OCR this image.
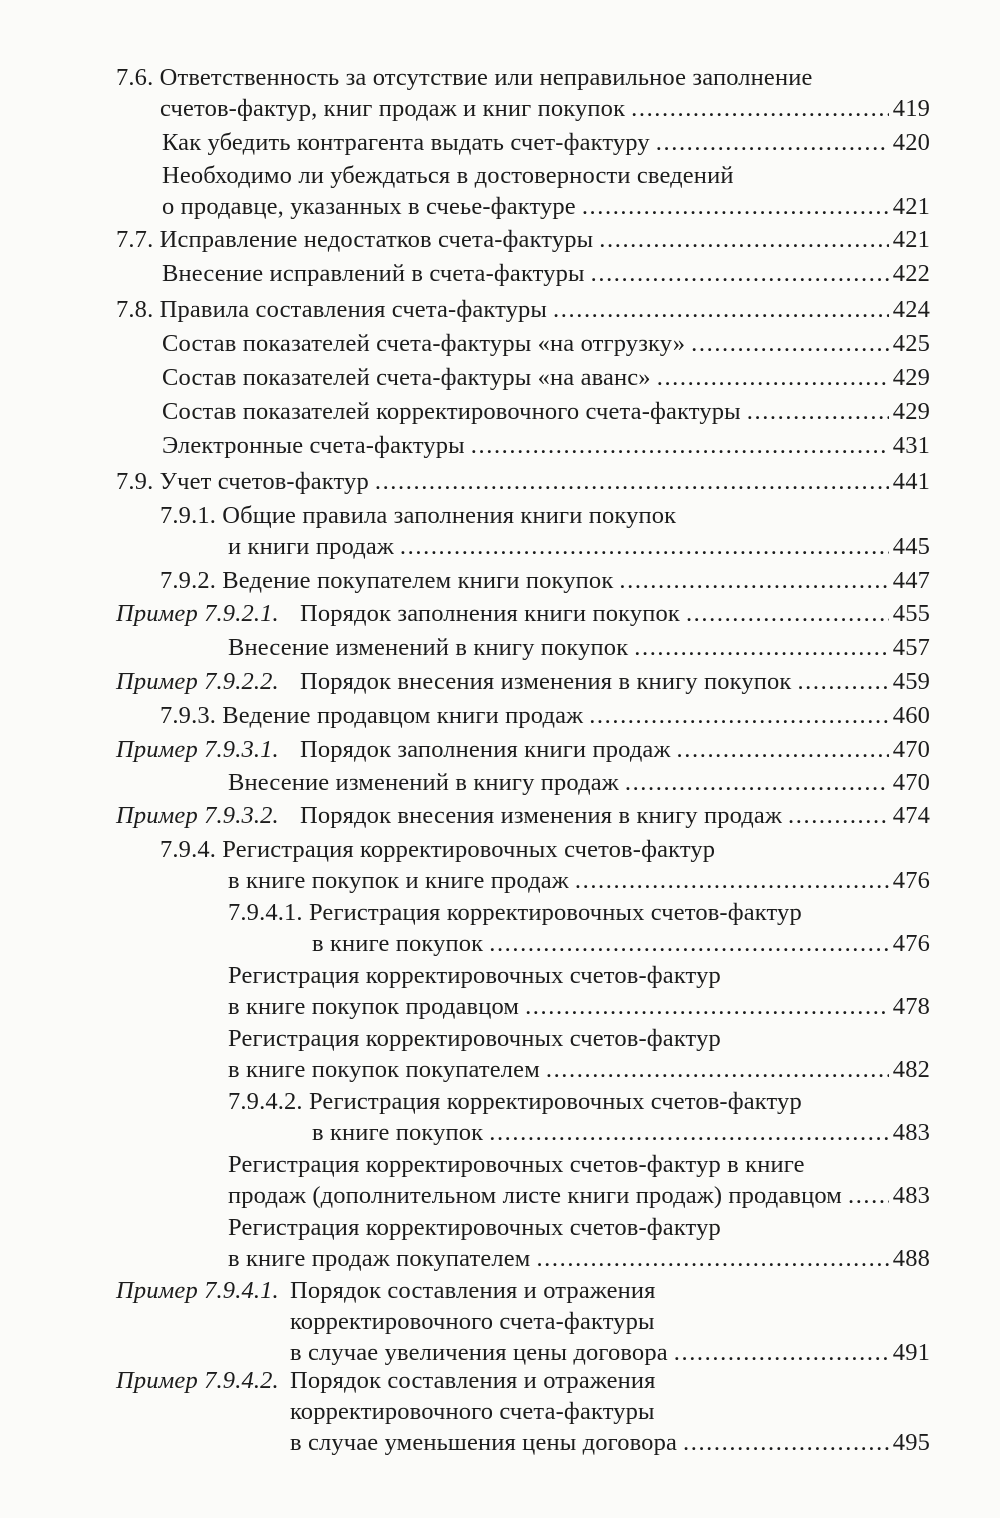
7.6. Ответственность за отсутствие или неправильное заполнение
счетов-фактур, книг продаж и книг покупок .....	419
Как убедить контрагента выдать счет-фактуру .....	420
Необходимо ли убеждаться в достоверности сведений
о продавце, указанных в счеье-фактуре .....	421
7.7. Исправление недостатков счета-фактуры .....	421
Внесение исправлений в счета-фактуры .....	422
7.8. Правила составления счета-фактуры .....	424
Состав показателей счета-фактуры «на отгрузку» .....	425
Состав показателей счета-фактуры «на аванс» .....	429
Состав показателей корректировочного счета-фактуры .....	429
Электронные счета-фактуры .....	431
7.9. Учет счетов-фактур .....	441
7.9.1. Общие правила заполнения книги покупок
и книги продаж .....	445
7.9.2. Ведение покупателем книги покупок .....	447
Пример 7.9.2.1. Порядок заполнения книги покупок .....	455
Внесение изменений в книгу покупок .....	457
Пример 7.9.2.2. Порядок внесения изменения в книгу покупок .....	459
7.9.3. Ведение продавцом книги продаж .....	460
Пример 7.9.3.1. Порядок заполнения книги продаж .....	470
Внесение изменений в книгу продаж .....	470
Пример 7.9.3.2. Порядок внесения изменения в книгу продаж .....	474
7.9.4. Регистрация корректировочных счетов-фактур
в книге покупок и книге продаж .....	476
7.9.4.1. Регистрация корректировочных счетов-фактур
в книге покупок .....	476
Регистрация корректировочных счетов-фактур
в книге покупок продавцом .....	478
Регистрация корректировочных счетов-фактур
в книге покупок покупателем .....	482
7.9.4.2. Регистрация корректировочных счетов-фактур
в книге покупок .....	483
Регистрация корректировочных счетов-фактур в книге
продаж (дополнительном листе книги продаж) продавцом ..... 483
Регистрация корректировочных счетов-фактур
в книге продаж покупателем .....	488
Пример 7.9.4.1. Порядок составления и отражения
корректировочного счета-фактуры
в случае увеличения цены договора .....	491
Пример 7.9.4.2. Порядок составления и отражения
корректировочного счета-фактуры
в случае уменьшения цены договора .....	495
